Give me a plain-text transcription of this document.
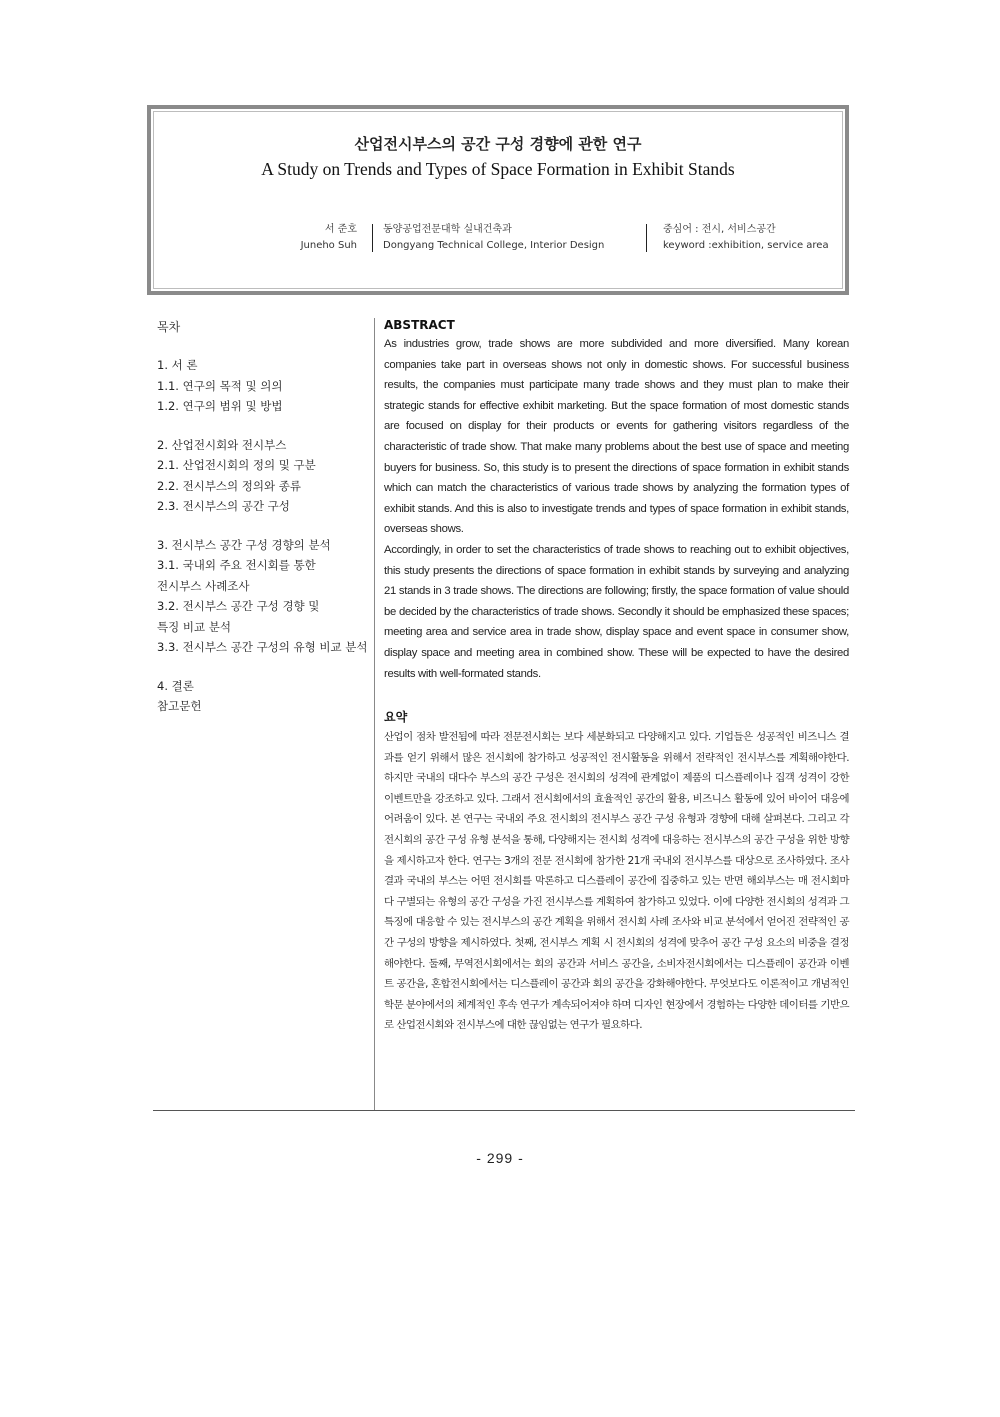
산업전시부스의 공간 구성 경향에 관한 연구
A Study on Trends and Types of Space Formation in Exhibit Stands
서 준호
Juneho Suh
동양공업전문대학 실내건축과
Dongyang Technical College, Interior Design
중심어 : 전시, 서비스공간
keyword :exhibition, service area
목차
1. 서 론
1.1. 연구의 목적 및 의의
1.2. 연구의 범위 및 방법
2. 산업전시회와 전시부스
2.1. 산업전시회의 정의 및 구분
2.2. 전시부스의 정의와 종류
2.3. 전시부스의 공간 구성
3. 전시부스 공간 구성 경향의 분석
3.1. 국내외 주요 전시회를 통한
전시부스 사례조사
3.2. 전시부스 공간 구성 경향 및
특징 비교 분석
3.3. 전시부스 공간 구성의 유형 비교 분석
4. 결론
참고문헌
ABSTRACT

As industries grow, trade shows are more subdivided and more diversified. Many korean companies take part in overseas shows not only in domestic shows. For successful business results, the companies must participate many trade shows and they must plan to make their strategic stands for effective exhibit marketing. But the space formation of most domestic stands are focused on display for their products or events for gathering visitors regardless of the characteristic of trade show. That make many problems about the best use of space and meeting buyers for business. So, this study is to present the directions of space formation in exhibit stands which can match the characteristics of various trade shows by analyzing the formation types of exhibit stands. And this is also to investigate trends and types of space formation in exhibit stands, overseas shows.

Accordingly, in order to set the characteristics of trade shows to reaching out to exhibit objectives, this study presents the directions of space formation in exhibit stands by surveying and analyzing 21 stands in 3 trade shows. The directions are following; firstly, the space formation of value should be decided by the characteristics of trade shows. Secondly it should be emphasized these spaces; meeting area and service area in trade show, display space and event space in consumer show, display space and meeting area in combined show. These will be expected to have the desired results with well-formated stands.

요약

산업이 점차 발전됨에 따라 전문전시회는 보다 세분화되고 다양해지고 있다. 기업들은 성공적인 비즈니스 결과를 얻기 위해서 많은 전시회에 참가하고 성공적인 전시활동을 위해서 전략적인 전시부스를 계획해야한다. 하지만 국내의 대다수 부스의 공간 구성은 전시회의 성격에 관계없이 제품의 디스플레이나 집객 성격이 강한 이벤트만을 강조하고 있다. 그래서 전시회에서의 효율적인 공간의 활용, 비즈니스 활동에 있어 바이어 대응에 어려움이 있다. 본 연구는 국내외 주요 전시회의 전시부스 공간 구성 유형과 경향에 대해 살펴본다. 그리고 각 전시회의 공간 구성 유형 분석을 통해, 다양해지는 전시회 성격에 대응하는 전시부스의 공간 구성을 위한 방향을 제시하고자 한다. 연구는 3개의 전문 전시회에 참가한 21개 국내외 전시부스를 대상으로 조사하였다. 조사결과 국내의 부스는 어떤 전시회를 막론하고 디스플레이 공간에 집중하고 있는 반면 해외부스는 매 전시회마다 구별되는 유형의 공간 구성을 가진 전시부스를 계획하여 참가하고 있었다. 이에 다양한 전시회의 성격과 그 특징에 대응할 수 있는 전시부스의 공간 계획을 위해서 전시회 사례 조사와 비교 분석에서 얻어진 전략적인 공간 구성의 방향을 제시하였다. 첫째, 전시부스 계획 시 전시회의 성격에 맞추어 공간 구성 요소의 비중을 결정해야한다. 둘째, 무역전시회에서는 회의 공간과 서비스 공간을, 소비자전시회에서는 디스플레이 공간과 이벤트 공간을, 혼합전시회에서는 디스플레이 공간과 회의 공간을 강화해야한다. 무엇보다도 이론적이고 개념적인 학문 분야에서의 체계적인 후속 연구가 계속되어져야 하며 디자인 현장에서 경험하는 다양한 데이터를 기반으로 산업전시회와 전시부스에 대한 끊임없는 연구가 필요하다.

- 299 -
